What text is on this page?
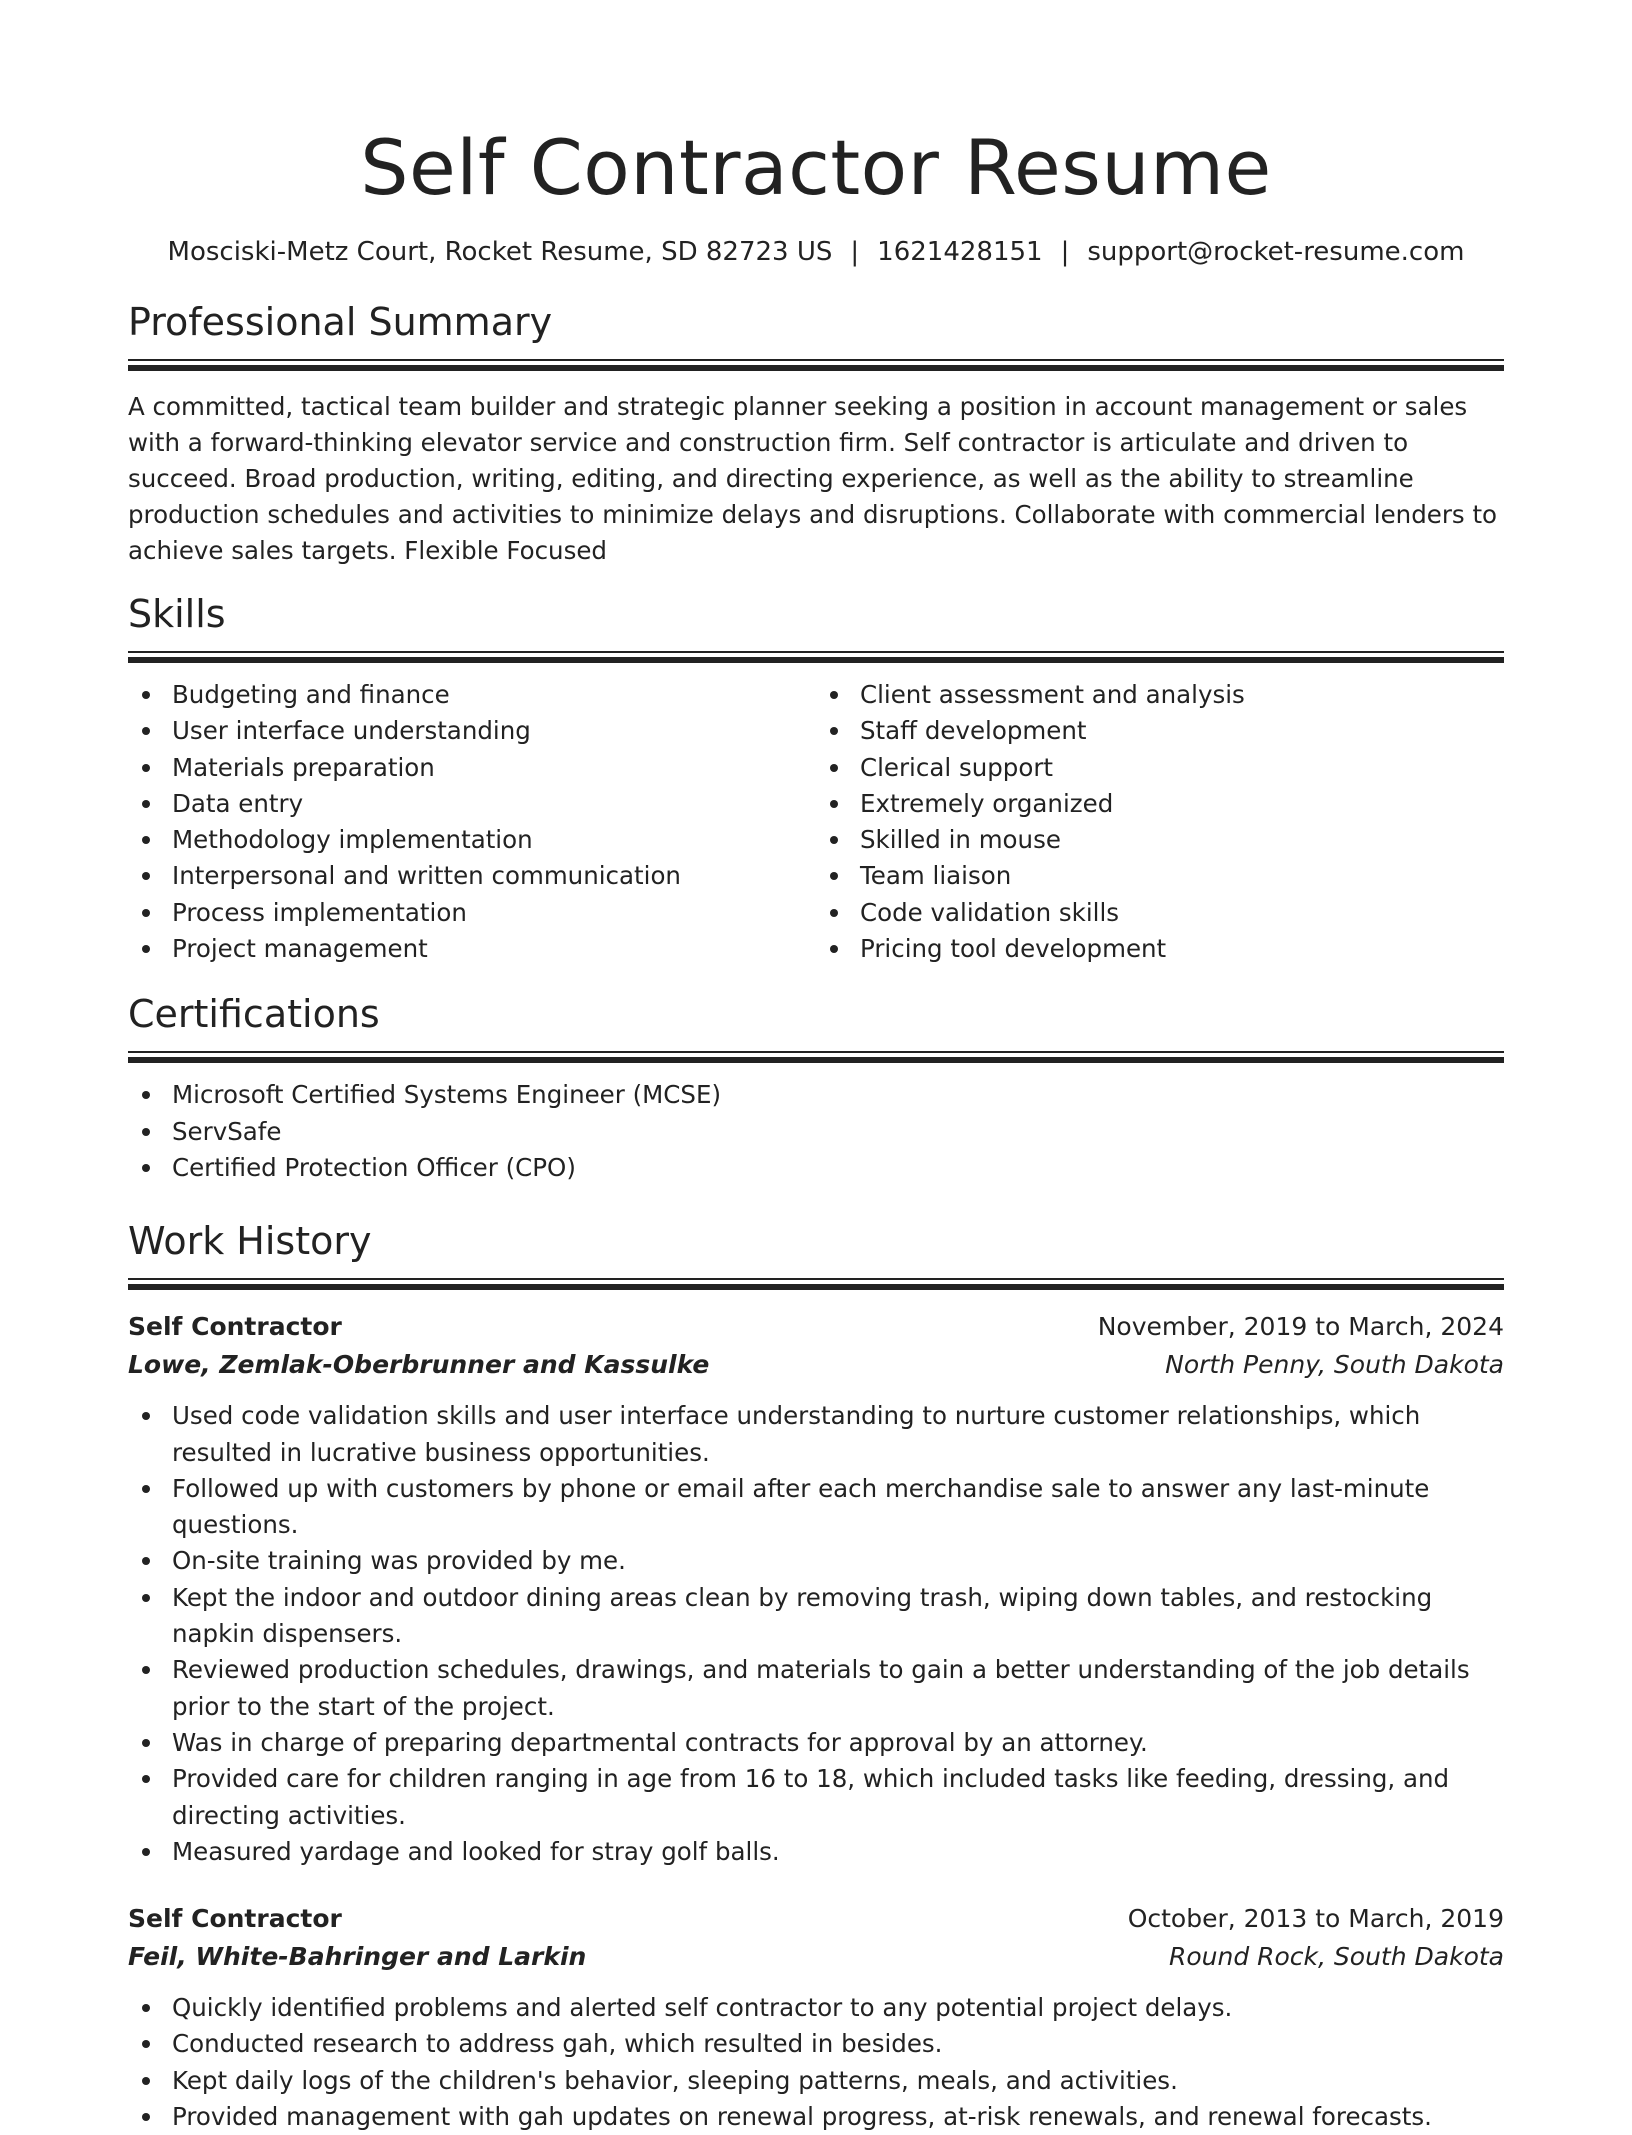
Self Contractor Resume
Mosciski-Metz Court, Rocket Resume, SD 82723 US | 1621428151 | support@rocket-resume.com
Professional Summary

A committed, tactical team builder and strategic planner seeking a position in account management or sales with a forward-thinking elevator service and construction firm. Self contractor is articulate and driven to succeed. Broad production, writing, editing, and directing experience, as well as the ability to streamline production schedules and activities to minimize delays and disruptions. Collaborate with commercial lenders to achieve sales targets. Flexible Focused

Skills
Budgeting and finance
User interface understanding
Materials preparation
Data entry
Methodology implementation
Interpersonal and written communication
Process implementation
Project management
Client assessment and analysis
Staff development
Clerical support
Extremely organized
Skilled in mouse
Team liaison
Code validation skills
Pricing tool development
Certifications
Microsoft Certified Systems Engineer (MCSE)
ServSafe
Certified Protection Officer (CPO)
Work History
Self Contractor	November, 2019 to March, 2024
Lowe, Zemlak-Oberbrunner and Kassulke	North Penny, South Dakota
Used code validation skills and user interface understanding to nurture customer relationships, which resulted in lucrative business opportunities.
Followed up with customers by phone or email after each merchandise sale to answer any last-minute questions.
On-site training was provided by me.
Kept the indoor and outdoor dining areas clean by removing trash, wiping down tables, and restocking napkin dispensers.
Reviewed production schedules, drawings, and materials to gain a better understanding of the job details prior to the start of the project.
Was in charge of preparing departmental contracts for approval by an attorney.
Provided care for children ranging in age from 16 to 18, which included tasks like feeding, dressing, and directing activities.
Measured yardage and looked for stray golf balls.
Self Contractor	October, 2013 to March, 2019
Feil, White-Bahringer and Larkin	Round Rock, South Dakota
Quickly identified problems and alerted self contractor to any potential project delays.
Conducted research to address gah, which resulted in besides.
Kept daily logs of the children's behavior, sleeping patterns, meals, and activities.
Provided management with gah updates on renewal progress, at-risk renewals, and renewal forecasts.
